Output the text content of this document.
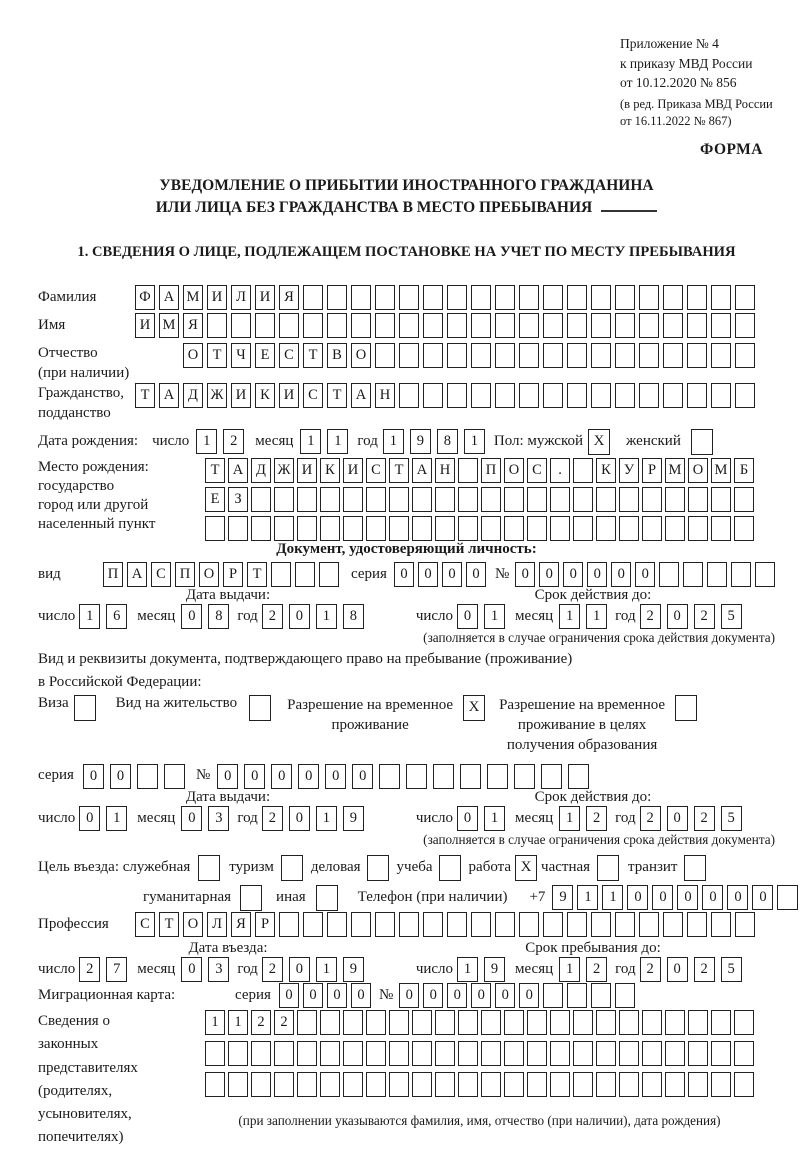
Приложение № 4
к приказу МВД России
от 10.12.2020 № 856
(в ред. Приказа МВД России
от 16.11.2022 № 867)
ФОРМА
УВЕДОМЛЕНИЕ О ПРИБЫТИИ ИНОСТРАННОГО ГРАЖДАНИНА
ИЛИ ЛИЦА БЕЗ ГРАЖДАНСТВА В МЕСТО ПРЕБЫВАНИЯ
1. СВЕДЕНИЯ О ЛИЦЕ, ПОДЛЕЖАЩЕМ ПОСТАНОВКЕ НА УЧЕТ ПО МЕСТУ ПРЕБЫВАНИЯ
Фамилия	Ф А М И Л И Я
Имя	И М Я
Отчество
(при наличии)
О Т	Ч	Е	С	Т	В О
Гражданство,
подданство
Т А Д Ж И К И С	Т А Н
Дата рождения: число 1	2	месяц 1	1	год 1	9	8	1	Пол: мужской X	женский
Место рождения:
государство
город или другой
населенный пункт
Т А Д Ж И К И С Т А Н	П О С	.	К У Р М О М Б
Е	З
Документ, удостоверяющий личность:
вид	П А С П О	Р	Т	серия 0	0	0	0	№ 0	0	0	0	0	0
Дата выдачи:	Срок действия до:
число 1	6	месяц 0	8 год 2	0	1	8	число 0	1	месяц 1	1 год 2	0	2	5
(заполняется в случае ограничения срока действия документа)
Вид и реквизиты документа, подтверждающего право на пребывание (проживание)
в Российской Федерации:
Виза	Вид на жительство	Разрешение на временное
проживание
X	Разрешение на временное
проживание в целях
получения образования
серия	0	0	№ 0	0	0	0	0	0
Дата выдачи:	Срок действия до:
число 0	1	месяц 0	3 год 2	0	1	9	число 0	1	месяц 1	2 год 2	0	2	5
(заполняется в случае ограничения срока действия документа)
Цель въезда: служебная	туризм деловая учеба работа X частная	транзит
гуманитарная	иная	Телефон (при наличии) +7 9	1	1	0	0	0	0	0	0
Профессия	С	Т О Л Я	Р
Дата въезда:	Срок пребывания до:
число 2	7	месяц 0	3 год 2	0	1	9	число 1	9	месяц 1	2 год 2	0	2	5
Миграционная карта:	серия 0	0	0	0 № 0	0	0	0	0	0
Сведения о
законных
представителях
(родителях,
усыновителях,
попечителях)
1	1	2	2
(при заполнении указываются фамилия, имя, отчество (при наличии), дата рождения)
